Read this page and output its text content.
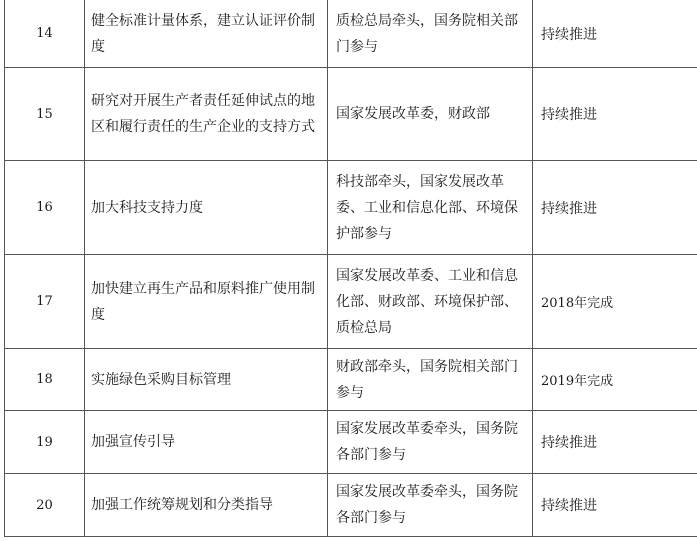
14	健全标准计量体系，建立认证评价制度	质检总局牵头，国务院相关部门参与	持续推进
15	研究对开展生产者责任延伸试点的地区和履行责任的生产企业的支持方式	国家发展改革委，财政部	持续推进
16	加大科技支持力度	科技部牵头，国家发展改革委、工业和信息化部、环境保护部参与	持续推进
17	加快建立再生产品和原料推广使用制度	国家发展改革委、工业和信息化部、财政部、环境保护部、质检总局	2018年完成
18	实施绿色采购目标管理	财政部牵头，国务院相关部门参与	2019年完成
19	加强宣传引导	国家发展改革委牵头，国务院各部门参与	持续推进
20	加强工作统筹规划和分类指导	国家发展改革委牵头，国务院各部门参与	持续推进
